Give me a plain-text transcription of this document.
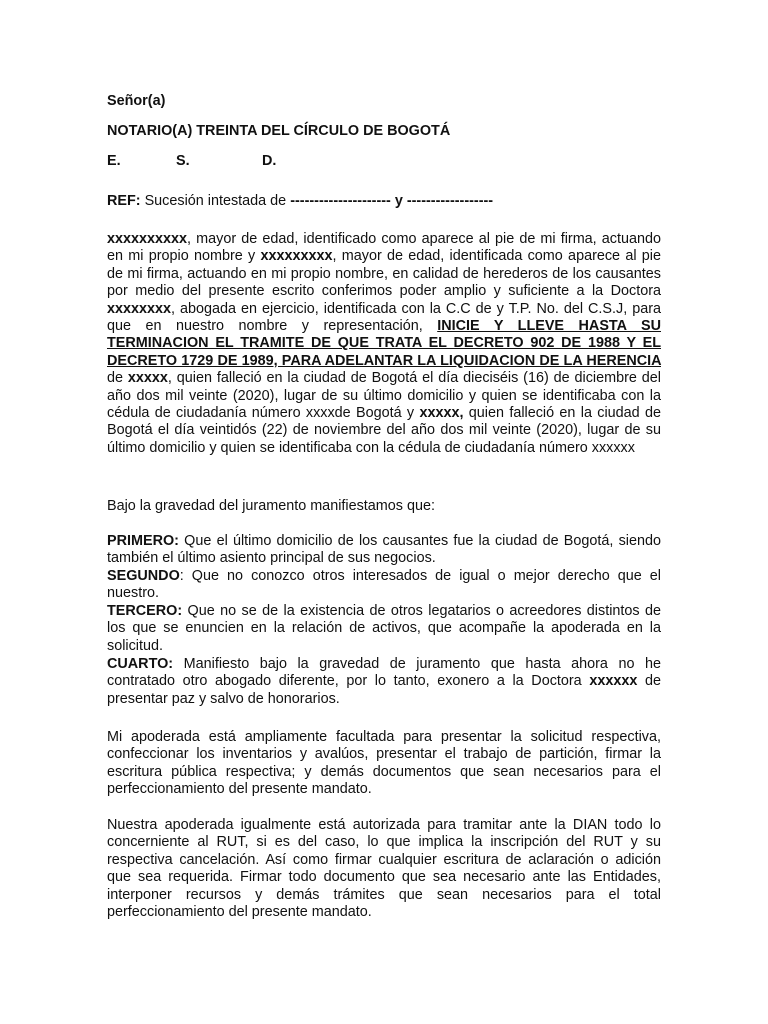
Señor(a)
NOTARIO(A) TREINTA DEL CÍRCULO DE BOGOTÁ
E.	S.	D.
REF: Sucesión intestada de --------------------- y ------------------
xxxxxxxxxx, mayor de edad, identificado como aparece al pie de mi firma, actuando en mi propio nombre y xxxxxxxxx, mayor de edad, identificada como aparece al pie de mi firma, actuando en mi propio nombre, en calidad de herederos de los causantes por medio del presente escrito conferimos poder amplio y suficiente a la Doctora xxxxxxxx, abogada en ejercicio, identificada con la C.C de y T.P. No. del C.S.J, para que en nuestro nombre y representación, INICIE Y LLEVE HASTA SU TERMINACION EL TRAMITE DE QUE TRATA EL DECRETO 902 DE 1988 Y EL DECRETO 1729 DE 1989, PARA ADELANTAR LA LIQUIDACION DE LA HERENCIA de xxxxx, quien falleció en la ciudad de Bogotá el día dieciséis (16) de diciembre del año dos mil veinte (2020), lugar de su último domicilio y quien se identificaba con la cédula de ciudadanía número xxxxde Bogotá y xxxxx, quien falleció en la ciudad de Bogotá el día veintidós (22) de noviembre del año dos mil veinte (2020), lugar de su último domicilio y quien se identificaba con la cédula de ciudadanía número xxxxxx
Bajo la gravedad del juramento manifiestamos que:
PRIMERO: Que el último domicilio de los causantes fue la ciudad de Bogotá, siendo también el último asiento principal de sus negocios.
SEGUNDO: Que no conozco otros interesados de igual o mejor derecho que el nuestro.
TERCERO: Que no se de la existencia de otros legatarios o acreedores distintos de los que se enuncien en la relación de activos, que acompañe la apoderada en la solicitud.
CUARTO: Manifiesto bajo la gravedad de juramento que hasta ahora no he contratado otro abogado diferente, por lo tanto, exonero a la Doctora xxxxxx de presentar paz y salvo de honorarios.
Mi apoderada está ampliamente facultada para presentar la solicitud respectiva, confeccionar los inventarios y avalúos, presentar el trabajo de partición, firmar la escritura pública respectiva; y demás documentos que sean necesarios para el perfeccionamiento del presente mandato.
Nuestra apoderada igualmente está autorizada para tramitar ante la DIAN todo lo concerniente al RUT, si es del caso, lo que implica la inscripción del RUT y su respectiva cancelación. Así como firmar cualquier escritura de aclaración o adición que sea requerida. Firmar todo documento que sea necesario ante las Entidades, interponer recursos y demás trámites que sean necesarios para el total perfeccionamiento del presente mandato.
